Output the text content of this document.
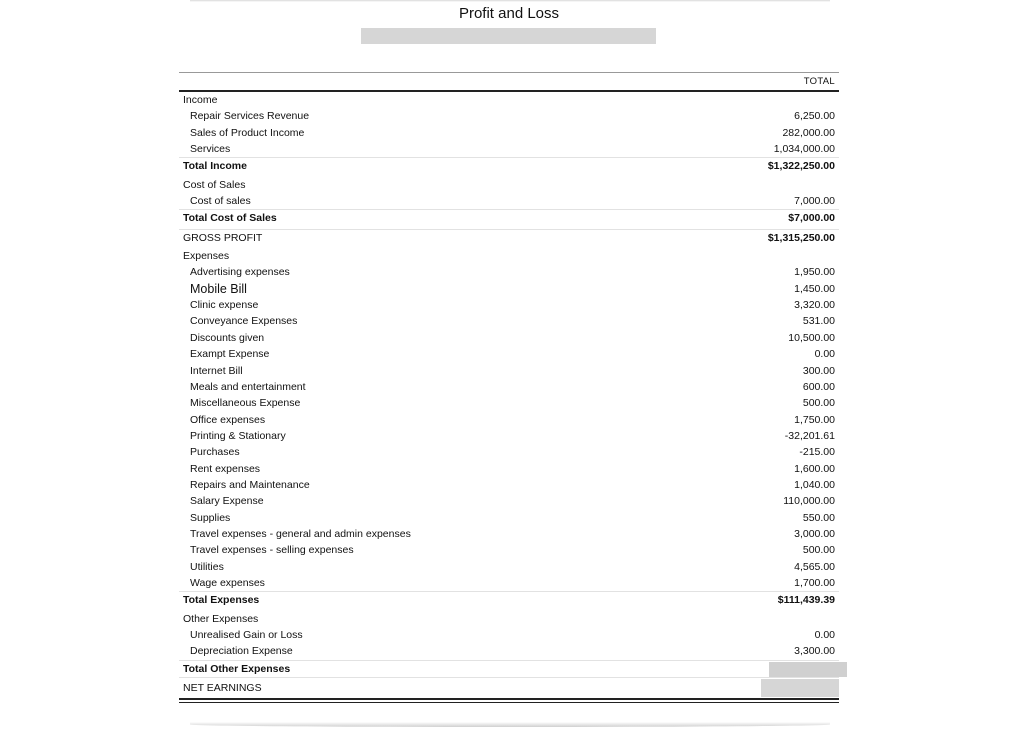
Profit and Loss
TOTAL
Income
Repair Services Revenue	6,250.00
Sales of Product Income	282,000.00
Services	1,034,000.00
Total Income	$1,322,250.00
Cost of Sales
Cost of sales	7,000.00
Total Cost of Sales	$7,000.00
GROSS PROFIT	$1,315,250.00
Expenses
Advertising expenses	1,950.00
Mobile Bill	1,450.00
Clinic expense	3,320.00
Conveyance Expenses	531.00
Discounts given	10,500.00
Exampt Expense	0.00
Internet Bill	300.00
Meals and entertainment	600.00
Miscellaneous Expense	500.00
Office expenses	1,750.00
Printing & Stationary	-32,201.61
Purchases	-215.00
Rent expenses	1,600.00
Repairs and Maintenance	1,040.00
Salary Expense	110,000.00
Supplies	550.00
Travel expenses - general and admin expenses	3,000.00
Travel expenses - selling expenses	500.00
Utilities	4,565.00
Wage expenses	1,700.00
Total Expenses	$111,439.39
Other Expenses
Unrealised Gain or Loss	0.00
Depreciation Expense	3,300.00
Total Other Expenses
NET EARNINGS
